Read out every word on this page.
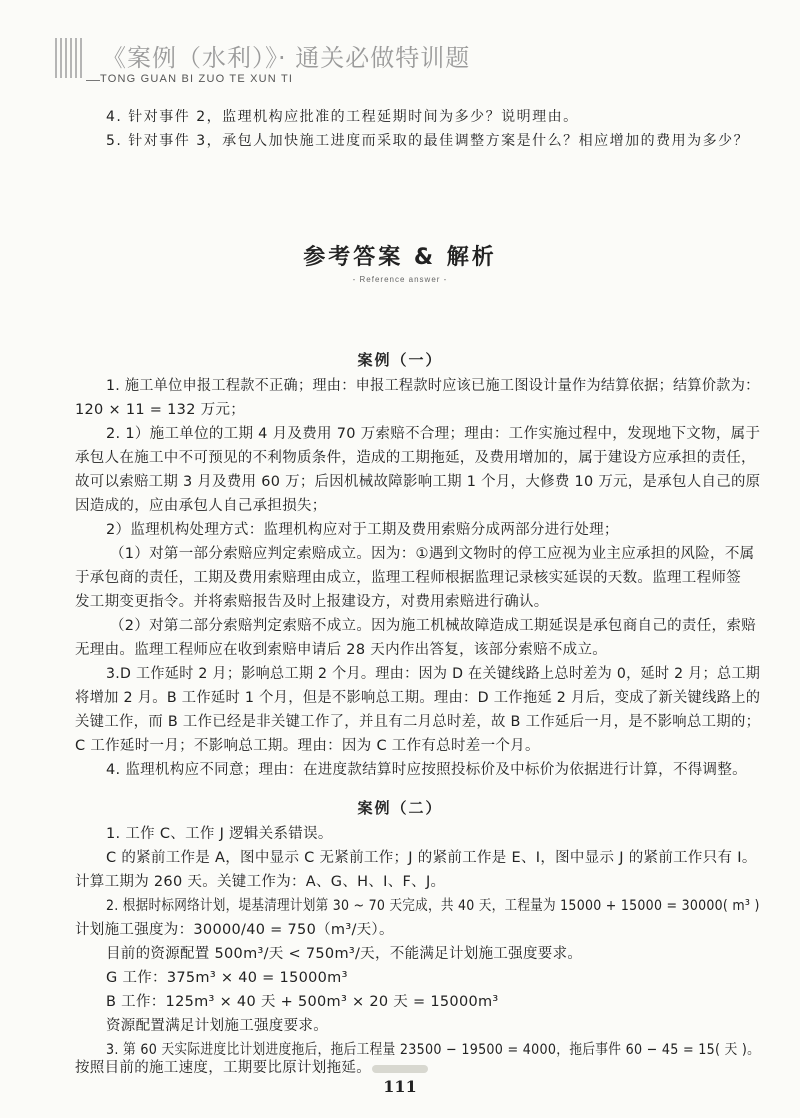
《案例（水利）》· 通关必做特训题
TONG GUAN BI ZUO TE XUN TI
4. 针对事件 2，监理机构应批准的工程延期时间为多少？说明理由。
5. 针对事件 3，承包人加快施工进度而采取的最佳调整方案是什么？相应增加的费用为多少？
参考答案 & 解析
- Reference answer -
案例（一）
1. 施工单位申报工程款不正确；理由：申报工程款时应该已施工图设计量作为结算依据；结算价款为：
120 × 11 = 132 万元；
2. 1）施工单位的工期 4 月及费用 70 万索赔不合理；理由：工作实施过程中，发现地下文物，属于
承包人在施工中不可预见的不利物质条件，造成的工期拖延，及费用增加的，属于建设方应承担的责任，
故可以索赔工期 3 月及费用 60 万；后因机械故障影响工期 1 个月，大修费 10 万元，是承包人自己的原
因造成的，应由承包人自己承担损失；
2）监理机构处理方式：监理机构应对于工期及费用索赔分成两部分进行处理；
（1）对第一部分索赔应判定索赔成立。因为：①遇到文物时的停工应视为业主应承担的风险，不属
于承包商的责任，工期及费用索赔理由成立，监理工程师根据监理记录核实延误的天数。监理工程师签
发工期变更指令。并将索赔报告及时上报建设方，对费用索赔进行确认。
（2）对第二部分索赔判定索赔不成立。因为施工机械故障造成工期延误是承包商自己的责任，索赔
无理由。监理工程师应在收到索赔申请后 28 天内作出答复，该部分索赔不成立。
3.D 工作延时 2 月；影响总工期 2 个月。理由：因为 D 在关键线路上总时差为 0，延时 2 月；总工期
将增加 2 月。B 工作延时 1 个月，但是不影响总工期。理由：D 工作拖延 2 月后，变成了新关键线路上的
关键工作，而 B 工作已经是非关键工作了，并且有二月总时差，故 B 工作延后一月，是不影响总工期的；
C 工作延时一月；不影响总工期。理由：因为 C 工作有总时差一个月。
4. 监理机构应不同意；理由：在进度款结算时应按照投标价及中标价为依据进行计算，不得调整。
案例（二）
1. 工作 C、工作 J 逻辑关系错误。
C 的紧前工作是 A，图中显示 C 无紧前工作；J 的紧前工作是 E、I，图中显示 J 的紧前工作只有 I。
计算工期为 260 天。关键工作为：A、G、H、I、F、J。
2. 根据时标网络计划，堤基清理计划第 30 ~ 70 天完成，共 40 天，工程量为 15000 + 15000 = 30000( m³ )
计划施工强度为：30000/40 = 750（m³/天）。
目前的资源配置 500m³/天 < 750m³/天，不能满足计划施工强度要求。
G 工作：375m³ × 40 = 15000m³
B 工作：125m³ × 40 天 + 500m³ × 20 天 = 15000m³
资源配置满足计划施工强度要求。
3. 第 60 天实际进度比计划进度拖后，拖后工程量 23500 − 19500 = 4000，拖后事件 60 − 45 = 15( 天 )。
按照目前的施工速度，工期要比原计划拖延。
111
